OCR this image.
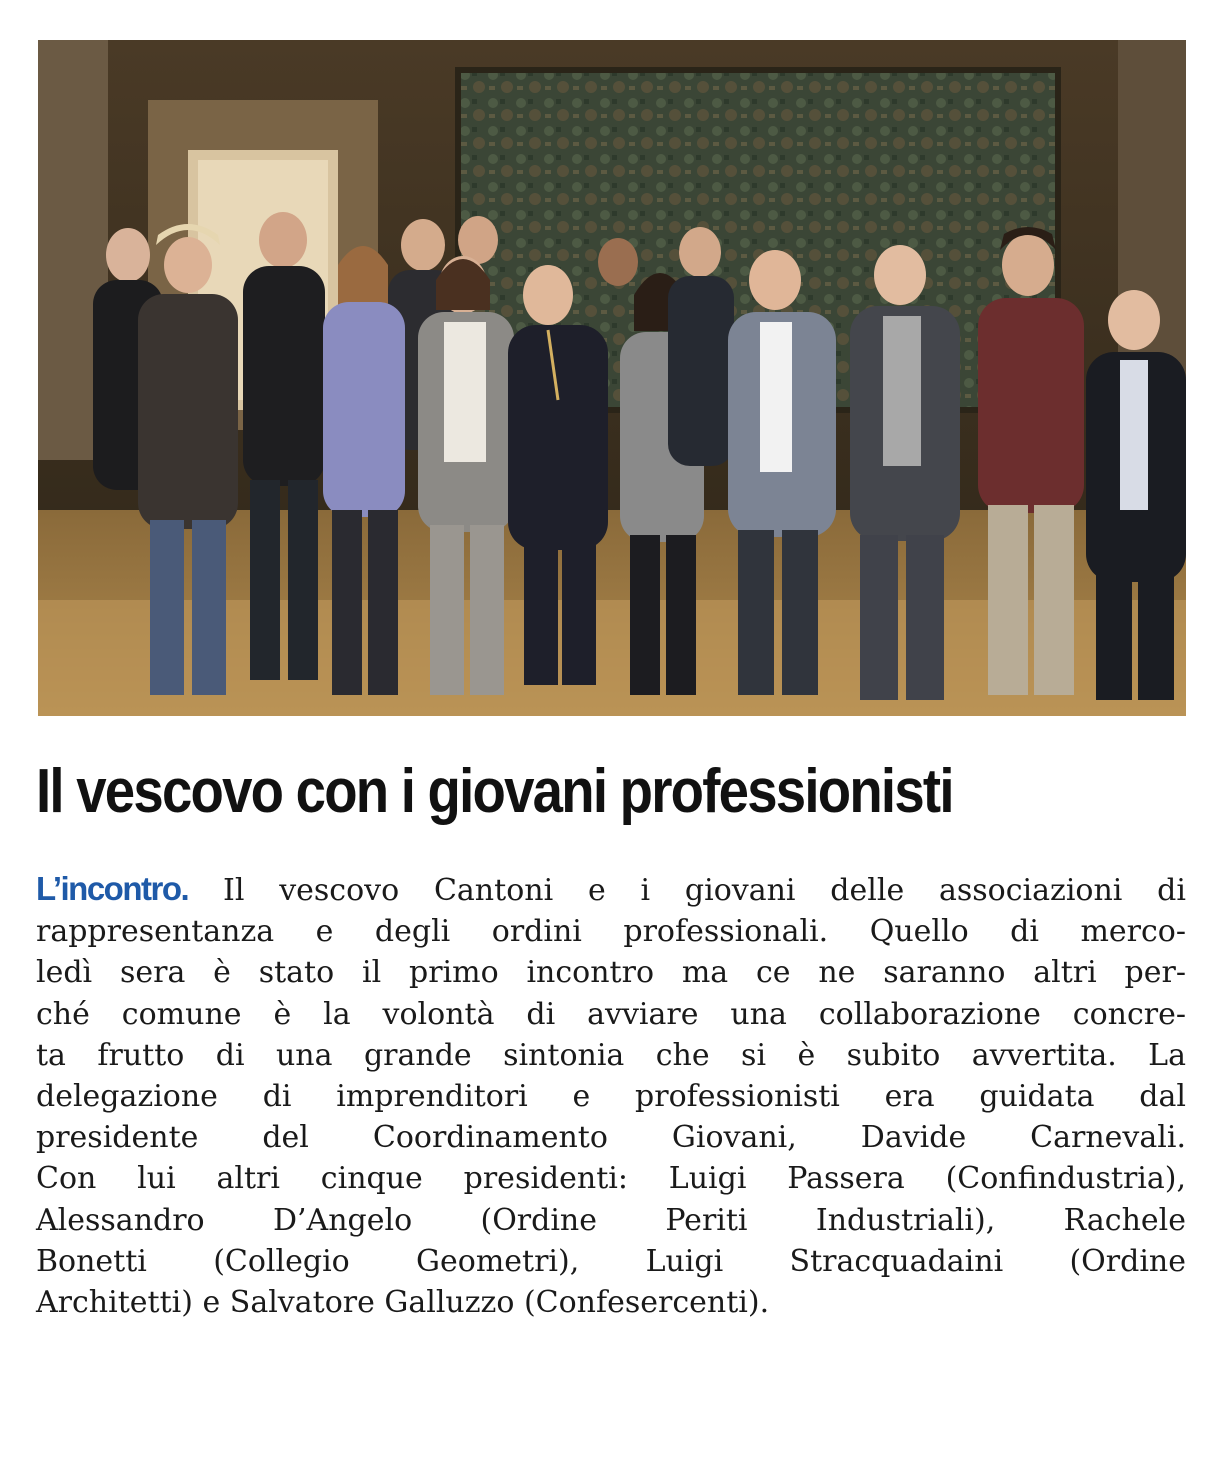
Il vescovo con i giovani professionisti
L’incontro. Il vescovo Cantoni e i giovani delle associazioni di
rappresentanza e degli ordini professionali. Quello di merco-
ledì sera è stato il primo incontro ma ce ne saranno altri per-
ché comune è la volontà di avviare una collaborazione concre-
ta frutto di una grande sintonia che si è subito avvertita. La
delegazione di imprenditori e professionisti era guidata dal
presidente del Coordinamento Giovani, Davide Carnevali.
Con lui altri cinque presidenti: Luigi Passera (Confindustria),
Alessandro D’Angelo (Ordine Periti Industriali), Rachele
Bonetti (Collegio Geometri), Luigi Stracquadaini (Ordine
Architetti) e Salvatore Galluzzo (Confesercenti).
